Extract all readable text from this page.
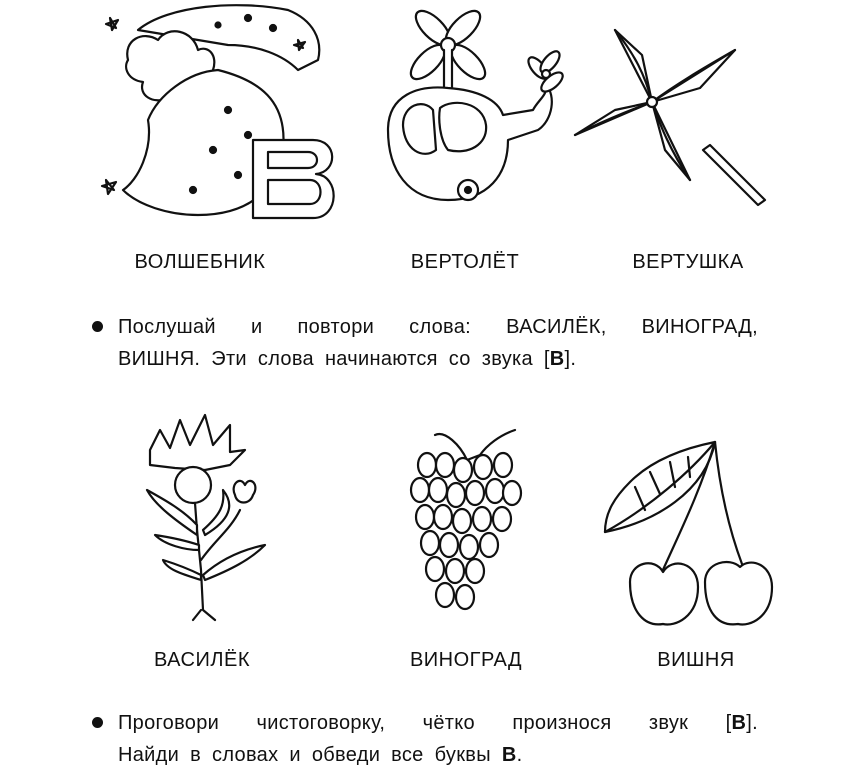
ВОЛШЕБНИК	ВЕРТОЛЁТ	ВЕРТУШКА
Послушай и повтори слова: ВАСИЛЁК, ВИНОГРАД,
ВИШНЯ. Эти слова начинаются со звука [В].
ВАСИЛЁК	ВИНОГРАД	ВИШНЯ
Проговори чистоговорку, чётко произнося звук [В].
Найди в словах и обведи все буквы В.
